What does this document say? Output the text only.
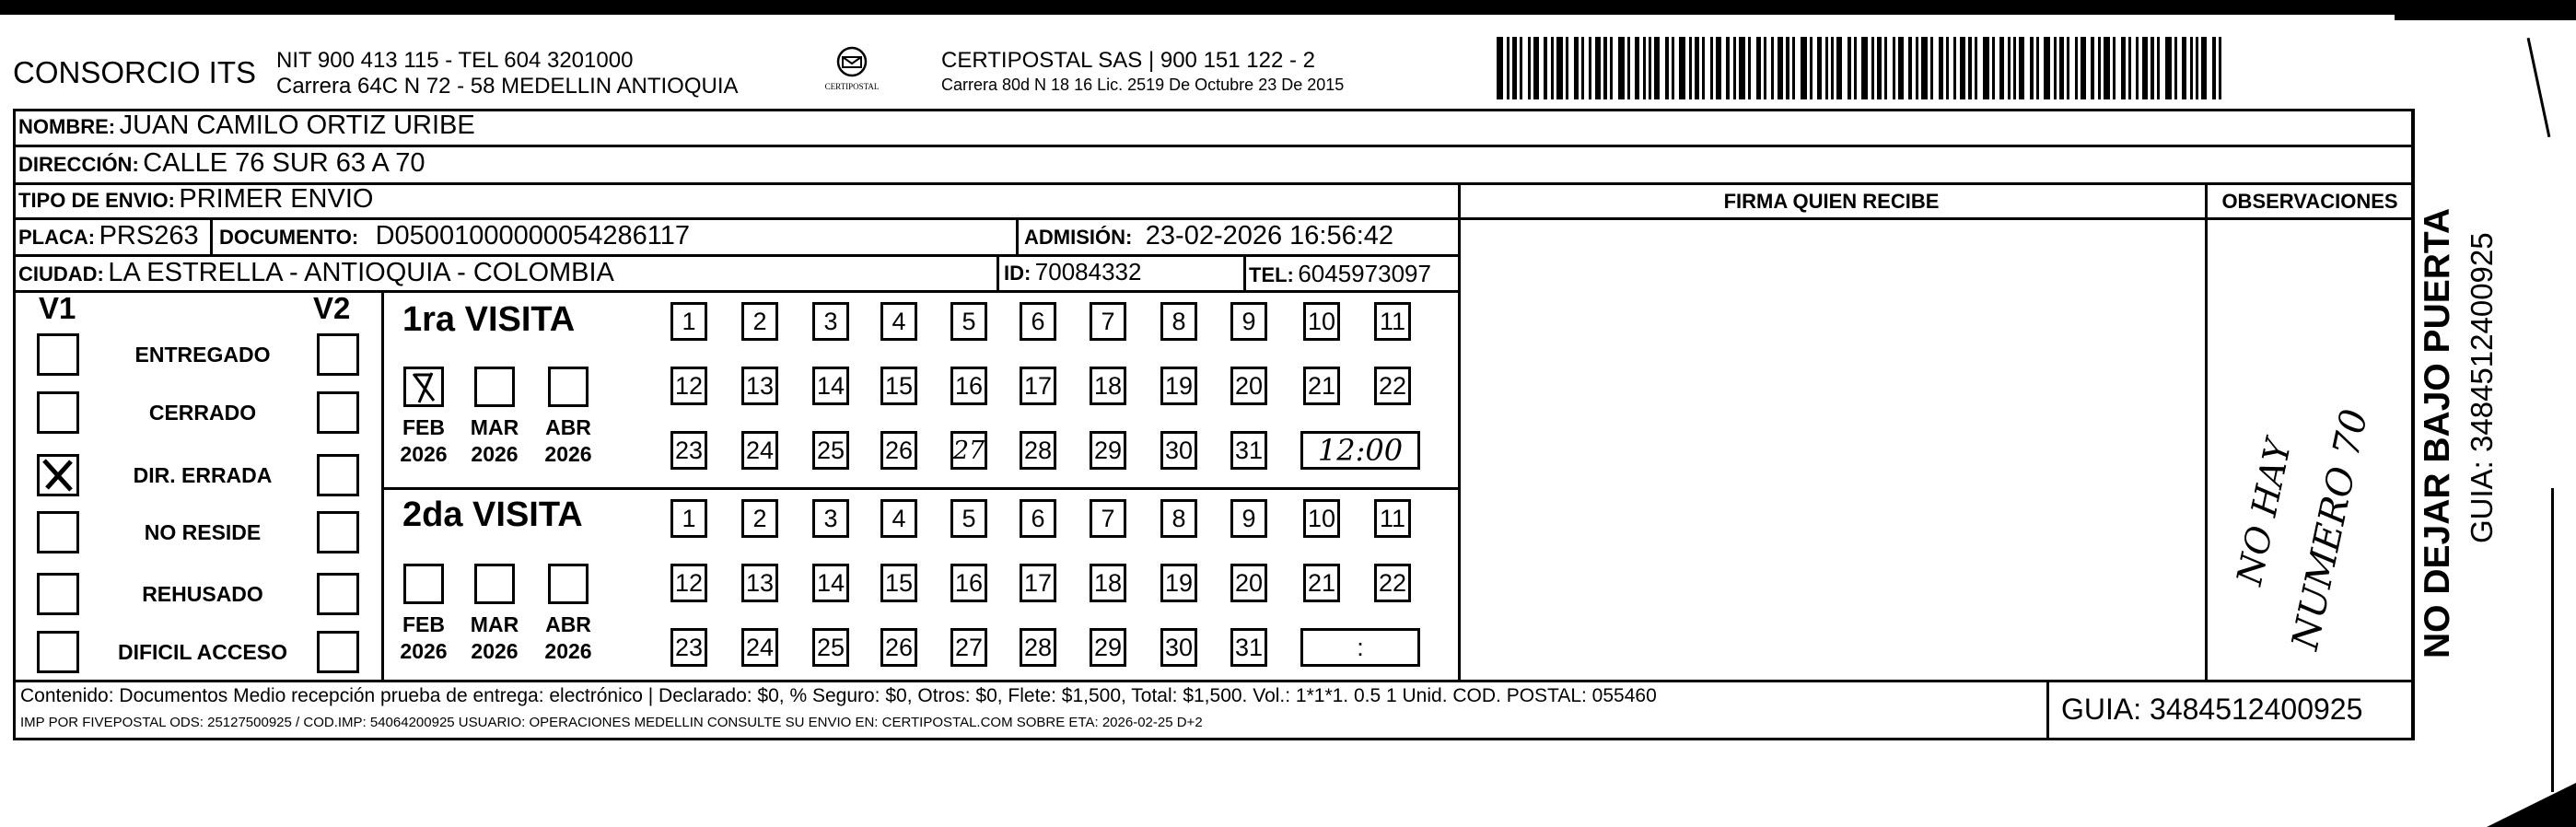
CONSORCIO ITS NIT 900 413 115 - TEL 604 3201000
Carrera 64C N 72 - 58 MEDELLIN ANTIOQUIA	CERTIPOSTAL
CERTIPOSTAL SAS | 900 151 122 - 2
Carrera 80d N 18 16 Lic. 2519 De Octubre 23 De 2015
NOMBRE: JUAN CAMILO ORTIZ URIBE
DIRECCIÓN: CALLE 76 SUR 63 A 70
TIPO DE ENVIO: PRIMER ENVIO	FIRMA QUIEN RECIBE	OBSERVACIONES
PLACA: PRS263 DOCUMENTO: D05001000000054286117	ADMISIÓN: 23-02-2026 16:56:42
CIUDAD: LA ESTRELLA - ANTIOQUIA - COLOMBIA	ID: 70084332	TEL: 6045973097
V1	V2
ENTREGADO
CERRADO
DIR. ERRADA
NO RESIDE
REHUSADO
DIFICIL ACCESO
1ra VISITA
2da VISITA
FEB
2026
MAR
2026
ABR
2026
1	2	3	4	5	6	7	8	9	10 11
12 13 14 15 16 17 18 19 20 21 22
23 24 25 26 27 28 29 30 31	12:00
FEB
2026
MAR
2026
ABR
2026
1	2	3	4	5	6	7	8	9	10 11
12 13 14 15 16 17 18 19 20 21 22
23 24 25 26 27 28 29 30 31	:
NO HAY
NUMERO 70
Contenido: Documentos Medio recepción prueba de entrega: electrónico | Declarado: $0, % Seguro: $0, Otros: $0, Flete: $1,500, Total: $1,500. Vol.: 1*1*1. 0.5 1 Unid. COD. POSTAL: 055460
IMP POR FIVEPOSTAL ODS: 25127500925 / COD.IMP: 54064200925 USUARIO: OPERACIONES MEDELLIN CONSULTE SU ENVIO EN: CERTIPOSTAL.COM SOBRE ETA: 2026-02-25 D+2	GUIA: 3484512400925
NO DEJAR BAJO PUERTA GUIA: 3484512400925
